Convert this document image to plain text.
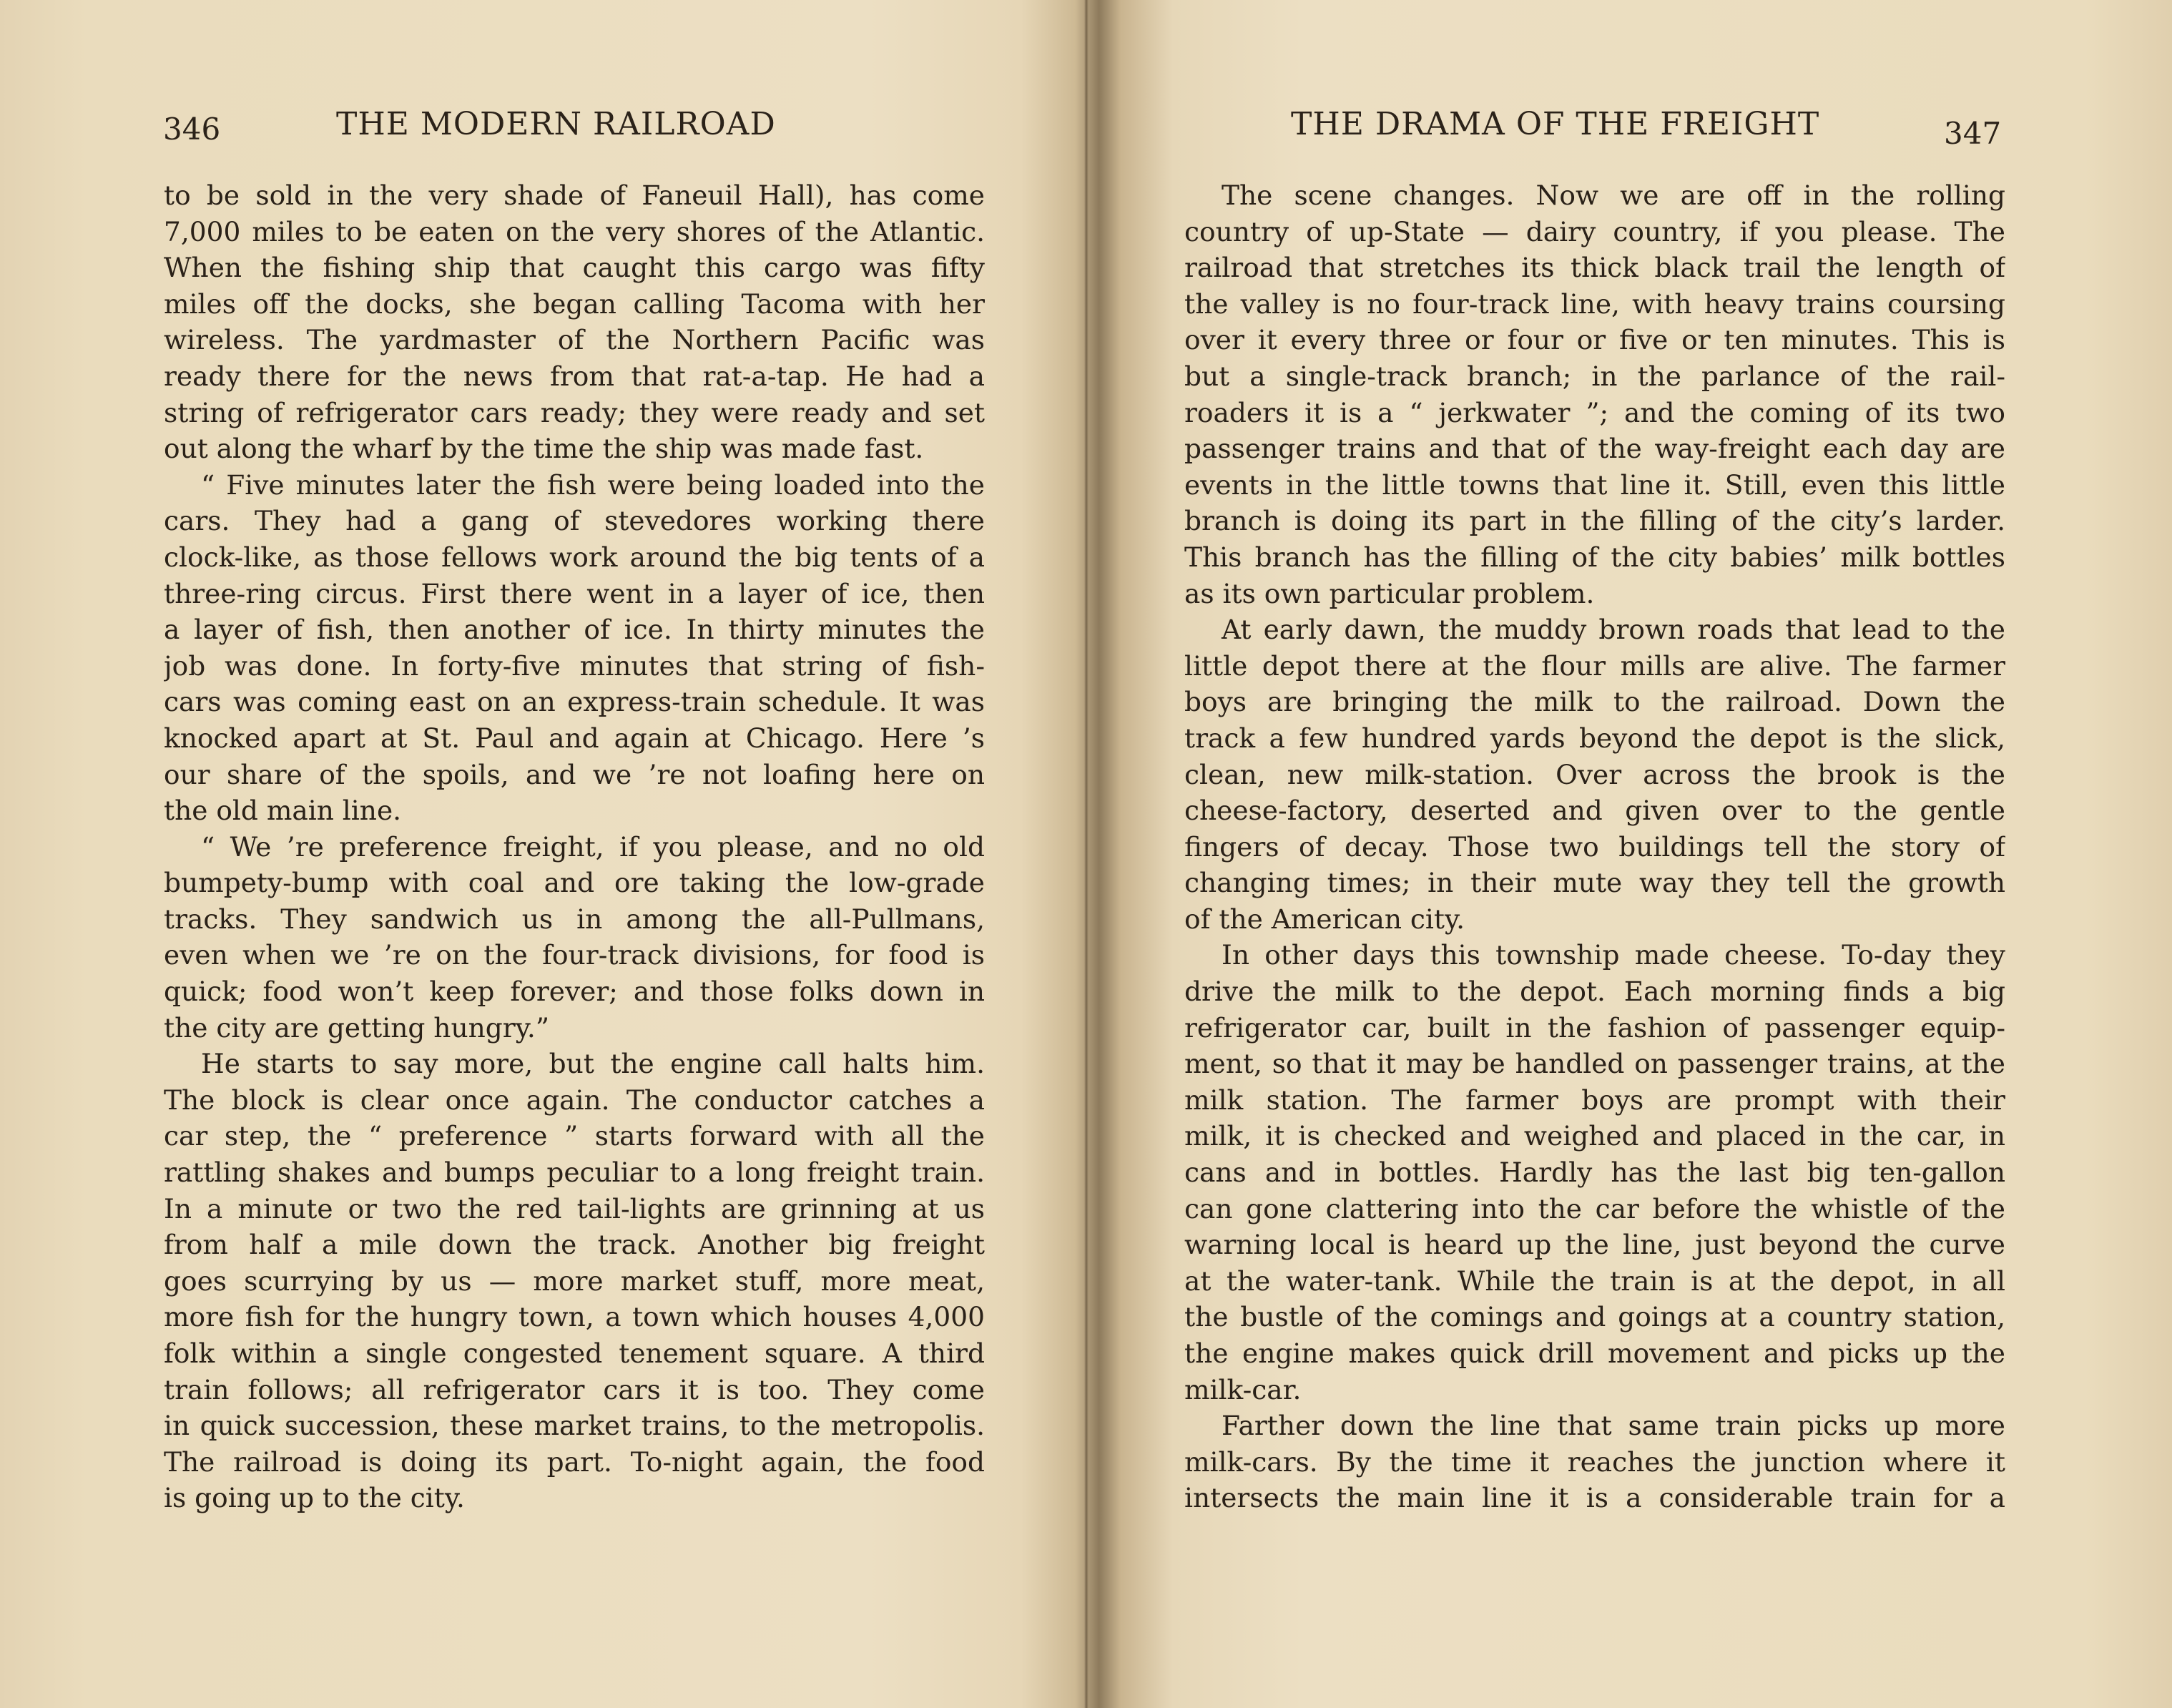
346	THE MODERN RAILROAD
to be sold in the very shade of Faneuil Hall), has come
7,000 miles to be eaten on the very shores of the Atlantic.
When the fishing ship that caught this cargo was fifty
miles off the docks, she began calling Tacoma with her
wireless. The yardmaster of the Northern Pacific was
ready there for the news from that rat-a-tap. He had a
string of refrigerator cars ready; they were ready and set
out along the wharf by the time the ship was made fast.
“ Five minutes later the fish were being loaded into the
cars. They had a gang of stevedores working there
clock-like, as those fellows work around the big tents of a
three-ring circus. First there went in a layer of ice, then
a layer of fish, then another of ice. In thirty minutes the
job was done. In forty-five minutes that string of fish-
cars was coming east on an express-train schedule. It was
knocked apart at St. Paul and again at Chicago. Here ’s
our share of the spoils, and we ’re not loafing here on
the old main line.
“ We ’re preference freight, if you please, and no old
bumpety-bump with coal and ore taking the low-grade
tracks. They sandwich us in among the all-Pullmans,
even when we ’re on the four-track divisions, for food is
quick; food won’t keep forever; and those folks down in
the city are getting hungry.”
He starts to say more, but the engine call halts him.
The block is clear once again. The conductor catches a
car step, the “ preference ” starts forward with all the
rattling shakes and bumps peculiar to a long freight train.
In a minute or two the red tail-lights are grinning at us
from half a mile down the track. Another big freight
goes scurrying by us — more market stuff, more meat,
more fish for the hungry town, a town which houses 4,000
folk within a single congested tenement square. A third
train follows; all refrigerator cars it is too. They come
in quick succession, these market trains, to the metropolis.
The railroad is doing its part. To-night again, the food
is going up to the city.
THE DRAMA OF THE FREIGHT	347
The scene changes. Now we are off in the rolling
country of up-State — dairy country, if you please. The
railroad that stretches its thick black trail the length of
the valley is no four-track line, with heavy trains coursing
over it every three or four or five or ten minutes. This is
but a single-track branch; in the parlance of the rail-
roaders it is a “ jerkwater ”; and the coming of its two
passenger trains and that of the way-freight each day are
events in the little towns that line it. Still, even this little
branch is doing its part in the filling of the city’s larder.
This branch has the filling of the city babies’ milk bottles
as its own particular problem.
At early dawn, the muddy brown roads that lead to the
little depot there at the flour mills are alive. The farmer
boys are bringing the milk to the railroad. Down the
track a few hundred yards beyond the depot is the slick,
clean, new milk-station. Over across the brook is the
cheese-factory, deserted and given over to the gentle
fingers of decay. Those two buildings tell the story of
changing times; in their mute way they tell the growth
of the American city.
In other days this township made cheese. To-day they
drive the milk to the depot. Each morning finds a big
refrigerator car, built in the fashion of passenger equip-
ment, so that it may be handled on passenger trains, at the
milk station. The farmer boys are prompt with their
milk, it is checked and weighed and placed in the car, in
cans and in bottles. Hardly has the last big ten-gallon
can gone clattering into the car before the whistle of the
warning local is heard up the line, just beyond the curve
at the water-tank. While the train is at the depot, in all
the bustle of the comings and goings at a country station,
the engine makes quick drill movement and picks up the
milk-car.
Farther down the line that same train picks up more
milk-cars. By the time it reaches the junction where it
intersects the main line it is a considerable train for a
